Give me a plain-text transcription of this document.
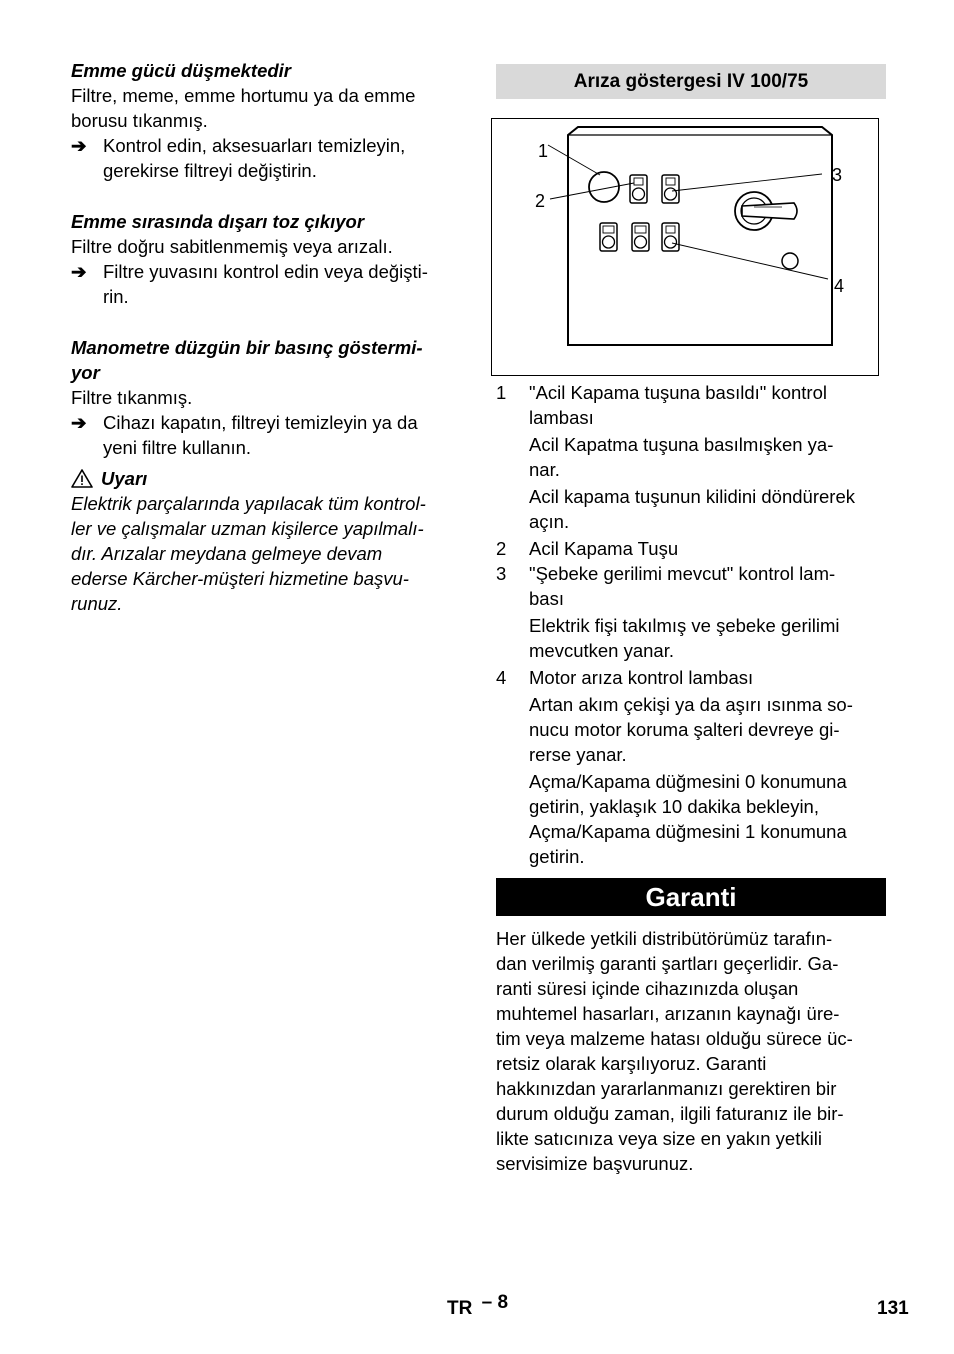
Emme gücü düşmektedir

Filtre, meme, emme hortumu ya da emme

borusu tıkanmış.

➔ Kontrol edin, aksesuarları temizleyin,
gerekirse filtreyi değiştirin.

Emme sırasında dışarı toz çıkıyor

Filtre doğru sabitlenmemiş veya arızalı.

➔ Filtre yuvasını kontrol edin veya değişti-
rin.

Manometre düzgün bir basınç göstermi-

yor

Filtre tıkanmış.

➔ Cihazı kapatın, filtreyi temizleyin ya da
yeni filtre kullanın.
Uyarı

Elektrik parçalarında yapılacak tüm kontrol-

ler ve çalışmalar uzman kişilerce yapılmalı-

dır. Arızalar meydana gelmeye devam

ederse Kärcher-müşteri hizmetine başvu-

runuz.

Arıza göstergesi IV 100/75
1
2
3
4
1	"Acil Kapama tuşuna basıldı" kontrol
lambası
Acil Kapatma tuşuna basılmışken ya-
nar.
Acil kapama tuşunun kilidini döndürerek
açın.
2	Acil Kapama Tuşu
3	"Şebeke gerilimi mevcut" kontrol lam-
bası
Elektrik fişi takılmış ve şebeke gerilimi
mevcutken yanar.
4	Motor arıza kontrol lambası
Artan akım çekişi ya da aşırı ısınma so-
nucu motor koruma şalteri devreye gi-
rerse yanar.
Açma/Kapama düğmesini 0 konumuna
getirin, yaklaşık 10 dakika bekleyin,
Açma/Kapama düğmesini 1 konumuna
getirin.
Garanti
Her ülkede yetkili distribütörümüz tarafın-
dan verilmiş garanti şartları geçerlidir. Ga-
ranti süresi içinde cihazınızda oluşan
muhtemel hasarları, arızanın kaynağı üre-
tim veya malzeme hatası olduğu sürece üc-
retsiz olarak karşılıyoruz. Garanti
hakkınızdan yararlanmanızı gerektiren bir
durum olduğu zaman, ilgili faturanız ile bir-
likte satıcınıza veya size en yakın yetkili
servisimize başvurunuz.
TR – 8	131
